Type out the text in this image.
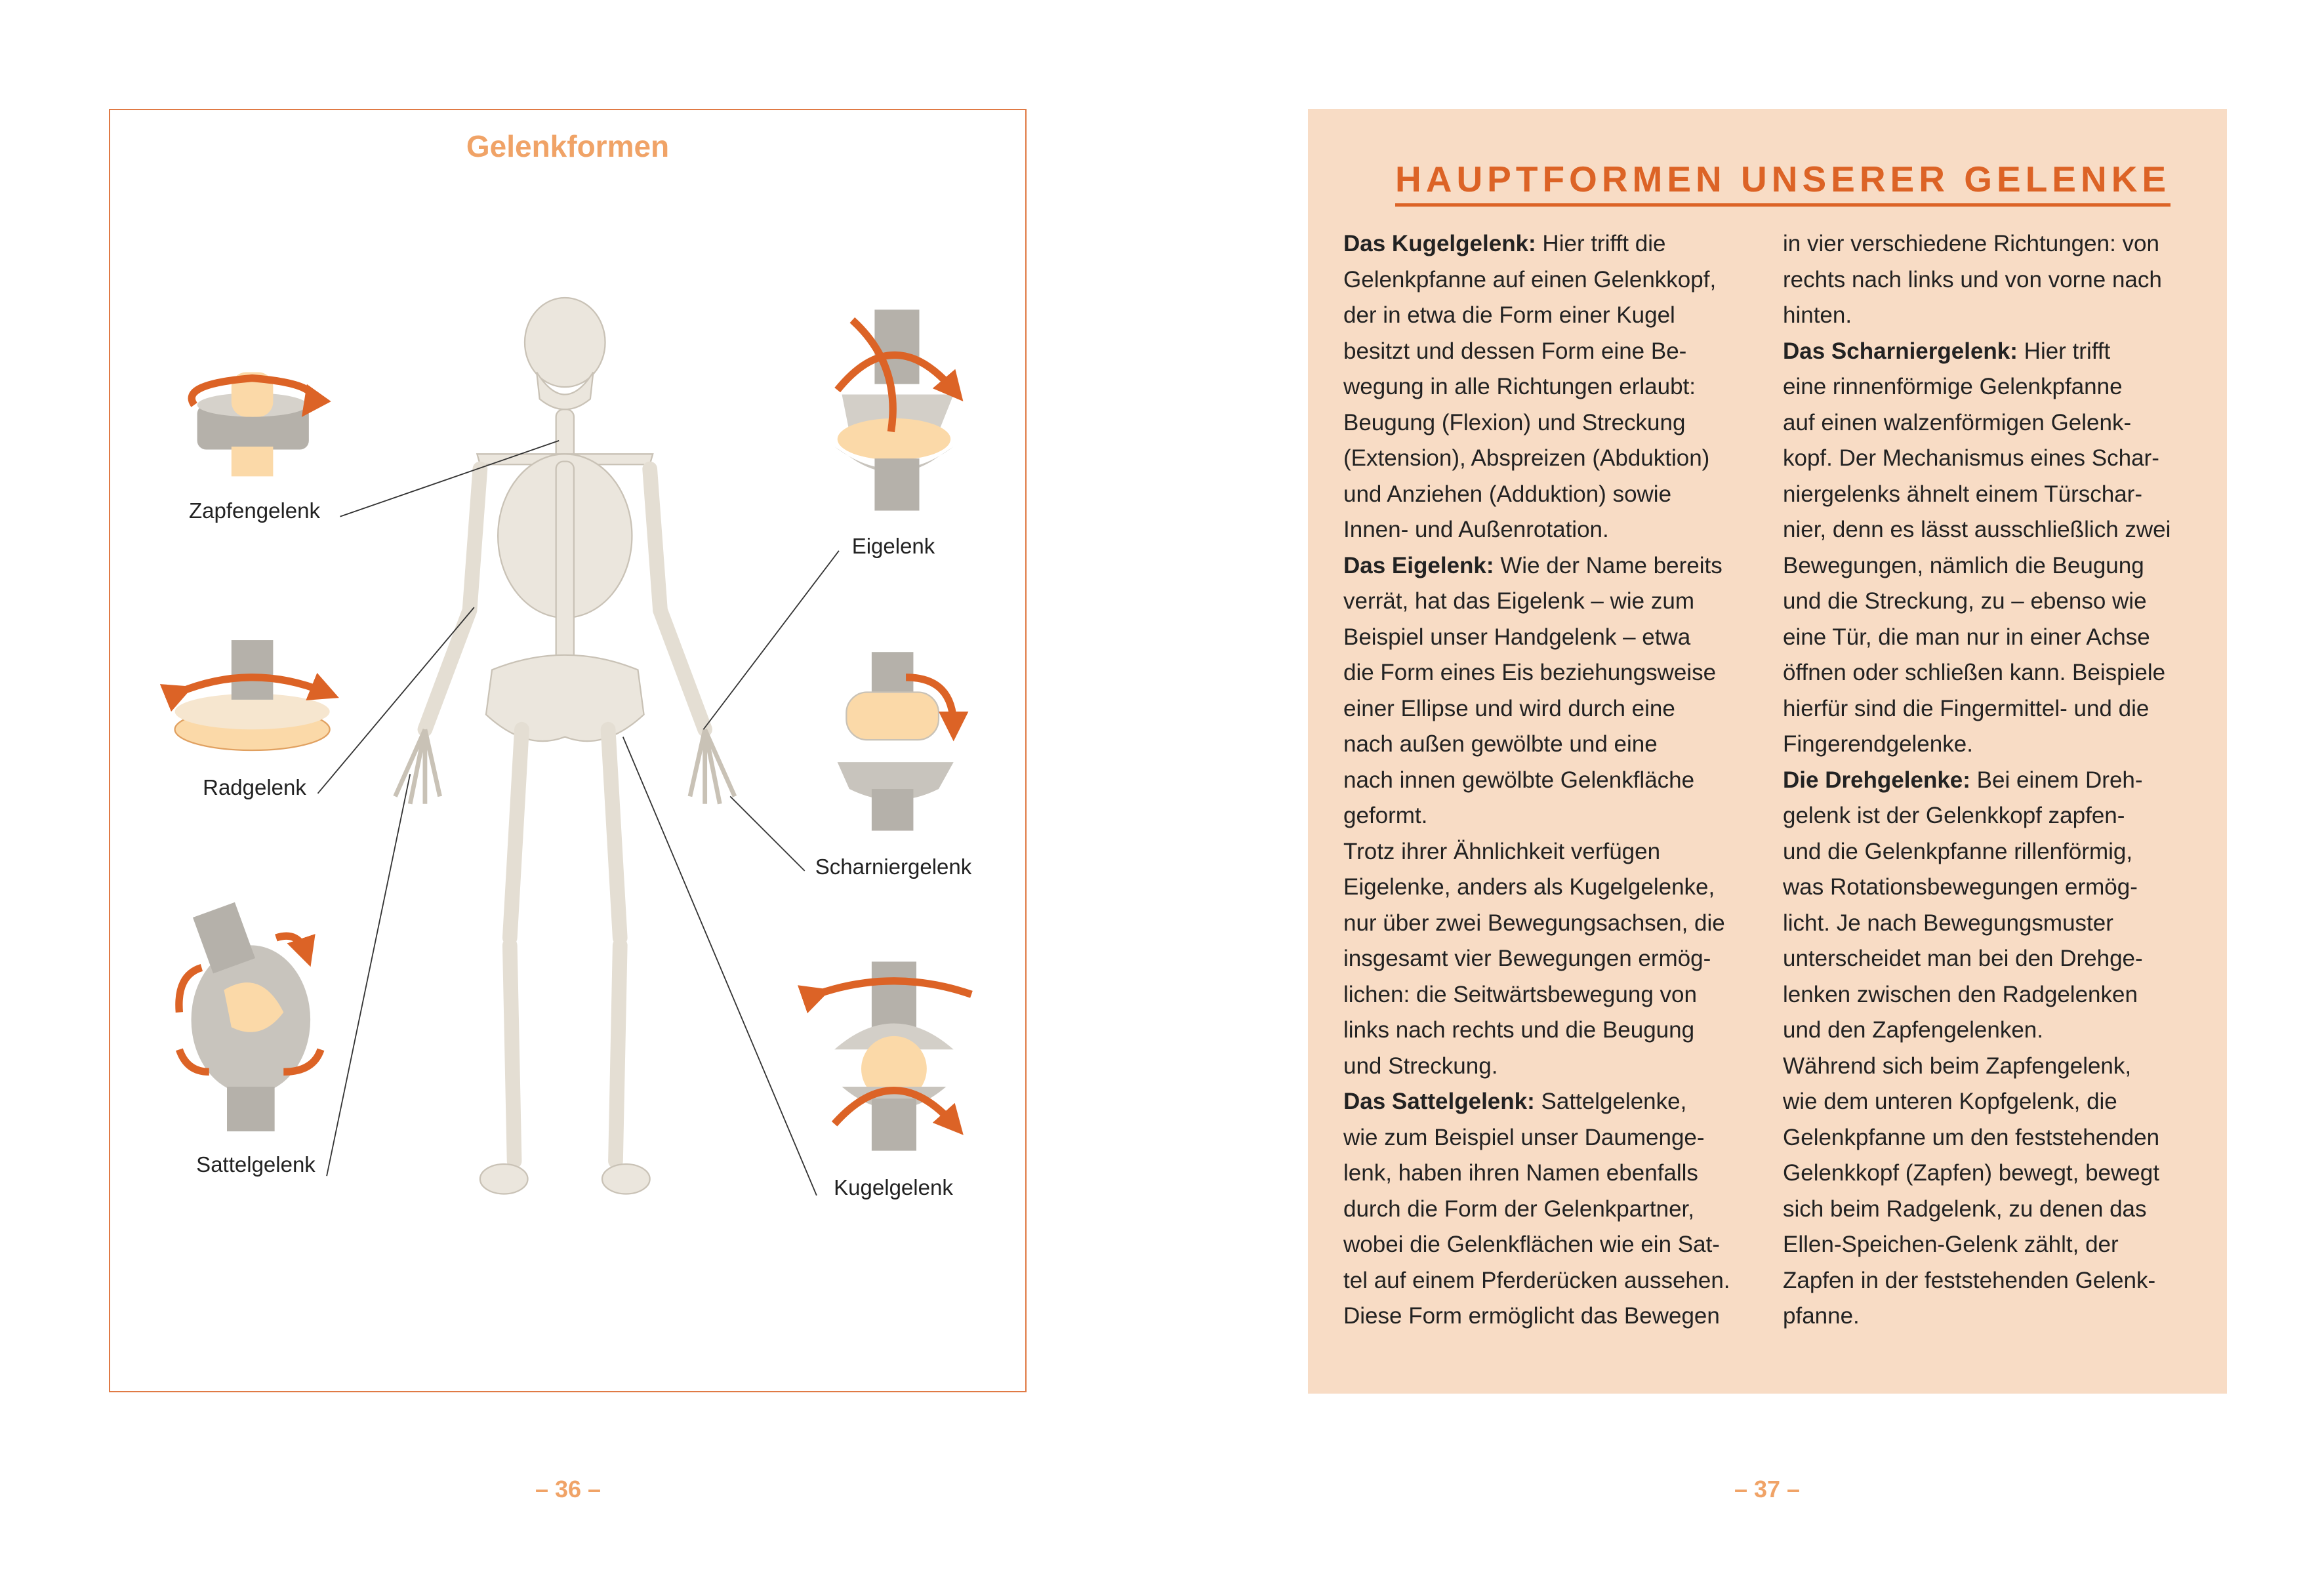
Gelenkformen
Zapfengelenk
Radgelenk
Sattelgelenk
Eigelenk
Scharniergelenk
Kugelgelenk
– 36 –
HAUPTFORMEN UNSERER GELENKE
Das Kugelgelenk: Hier trifft die
Gelenkpfanne auf einen Gelenkkopf,
der in etwa die Form einer Kugel
besitzt und dessen Form eine Be-
wegung in alle Richtungen erlaubt:
Beugung (Flexion) und Streckung
(Extension), Abspreizen (Abduktion)
und Anziehen (Adduktion) sowie
Innen- und Außenrotation.
Das Eigelenk: Wie der Name bereits
verrät, hat das Eigelenk – wie zum
Beispiel unser Handgelenk – etwa
die Form eines Eis beziehungsweise
einer Ellipse und wird durch eine
nach außen gewölbte und eine
nach innen gewölbte Gelenkfläche
geformt.
Trotz ihrer Ähnlichkeit verfügen
Eigelenke, anders als Kugelgelenke,
nur über zwei Bewegungsachsen, die
insgesamt vier Bewegungen ermög-
lichen: die Seitwärtsbewegung von
links nach rechts und die Beugung
und Streckung.
Das Sattelgelenk: Sattelgelenke,
wie zum Beispiel unser Daumenge-
lenk, haben ihren Namen ebenfalls
durch die Form der Gelenkpartner,
wobei die Gelenkflächen wie ein Sat-
tel auf einem Pferderücken aussehen.
Diese Form ermöglicht das Bewegen
in vier verschiedene Richtungen: von
rechts nach links und von vorne nach
hinten.
Das Scharniergelenk: Hier trifft
eine rinnenförmige Gelenkpfanne
auf einen walzenförmigen Gelenk-
kopf. Der Mechanismus eines Schar-
niergelenks ähnelt einem Türschar-
nier, denn es lässt ausschließlich zwei
Bewegungen, nämlich die Beugung
und die Streckung, zu – ebenso wie
eine Tür, die man nur in einer Achse
öffnen oder schließen kann. Beispiele
hierfür sind die Fingermittel- und die
Fingerendgelenke.
Die Drehgelenke: Bei einem Dreh-
gelenk ist der Gelenkkopf zapfen-
und die Gelenkpfanne rillenförmig,
was Rotationsbewegungen ermög-
licht. Je nach Bewegungsmuster
unterscheidet man bei den Drehge-
lenken zwischen den Radgelenken
und den Zapfengelenken.
Während sich beim Zapfengelenk,
wie dem unteren Kopfgelenk, die
Gelenkpfanne um den feststehenden
Gelenkkopf (Zapfen) bewegt, bewegt
sich beim Radgelenk, zu denen das
Ellen-Speichen-Gelenk zählt, der
Zapfen in der feststehenden Gelenk-
pfanne.
– 37 –
